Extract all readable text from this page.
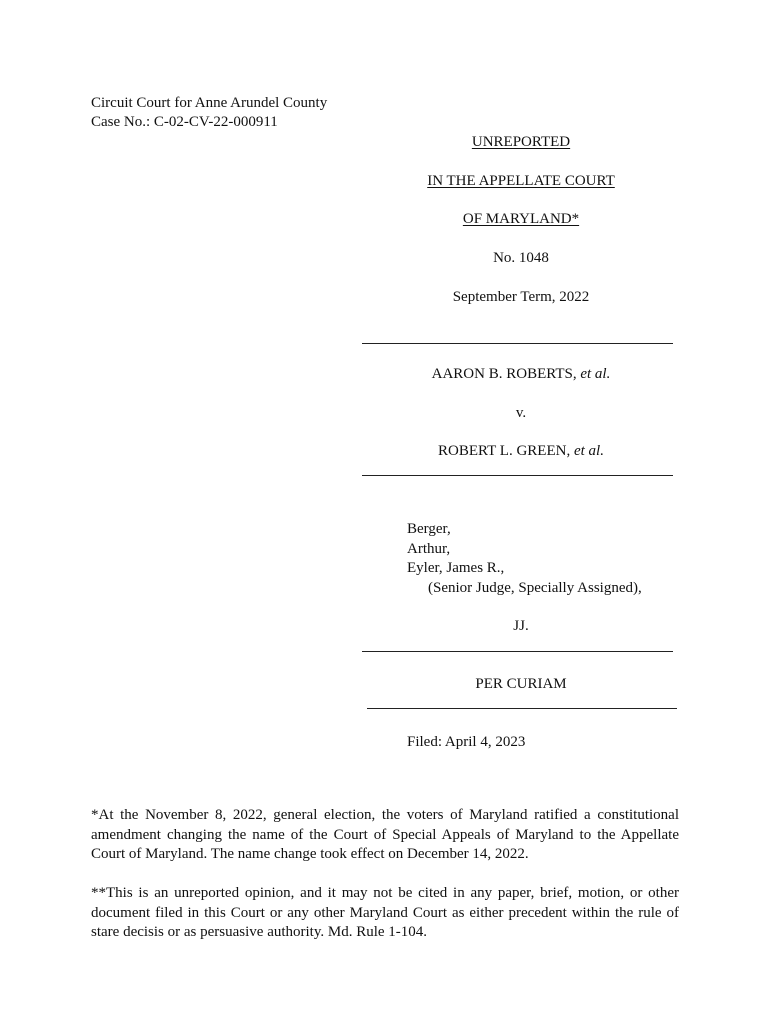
Circuit Court for Anne Arundel County
Case No.: C-02-CV-22-000911
UNREPORTED
IN THE APPELLATE COURT
OF MARYLAND*
No. 1048
September Term, 2022
AARON B. ROBERTS, et al.
v.
ROBERT L. GREEN, et al.
Berger,
Arthur,
Eyler, James R.,
(Senior Judge, Specially Assigned),
JJ.
PER CURIAM
Filed: April 4, 2023
*At the November 8, 2022, general election, the voters of Maryland ratified a constitutional amendment changing the name of the Court of Special Appeals of Maryland to the Appellate Court of Maryland. The name change took effect on December 14, 2022.
**This is an unreported opinion, and it may not be cited in any paper, brief, motion, or other document filed in this Court or any other Maryland Court as either precedent within the rule of stare decisis or as persuasive authority. Md. Rule 1-104.
